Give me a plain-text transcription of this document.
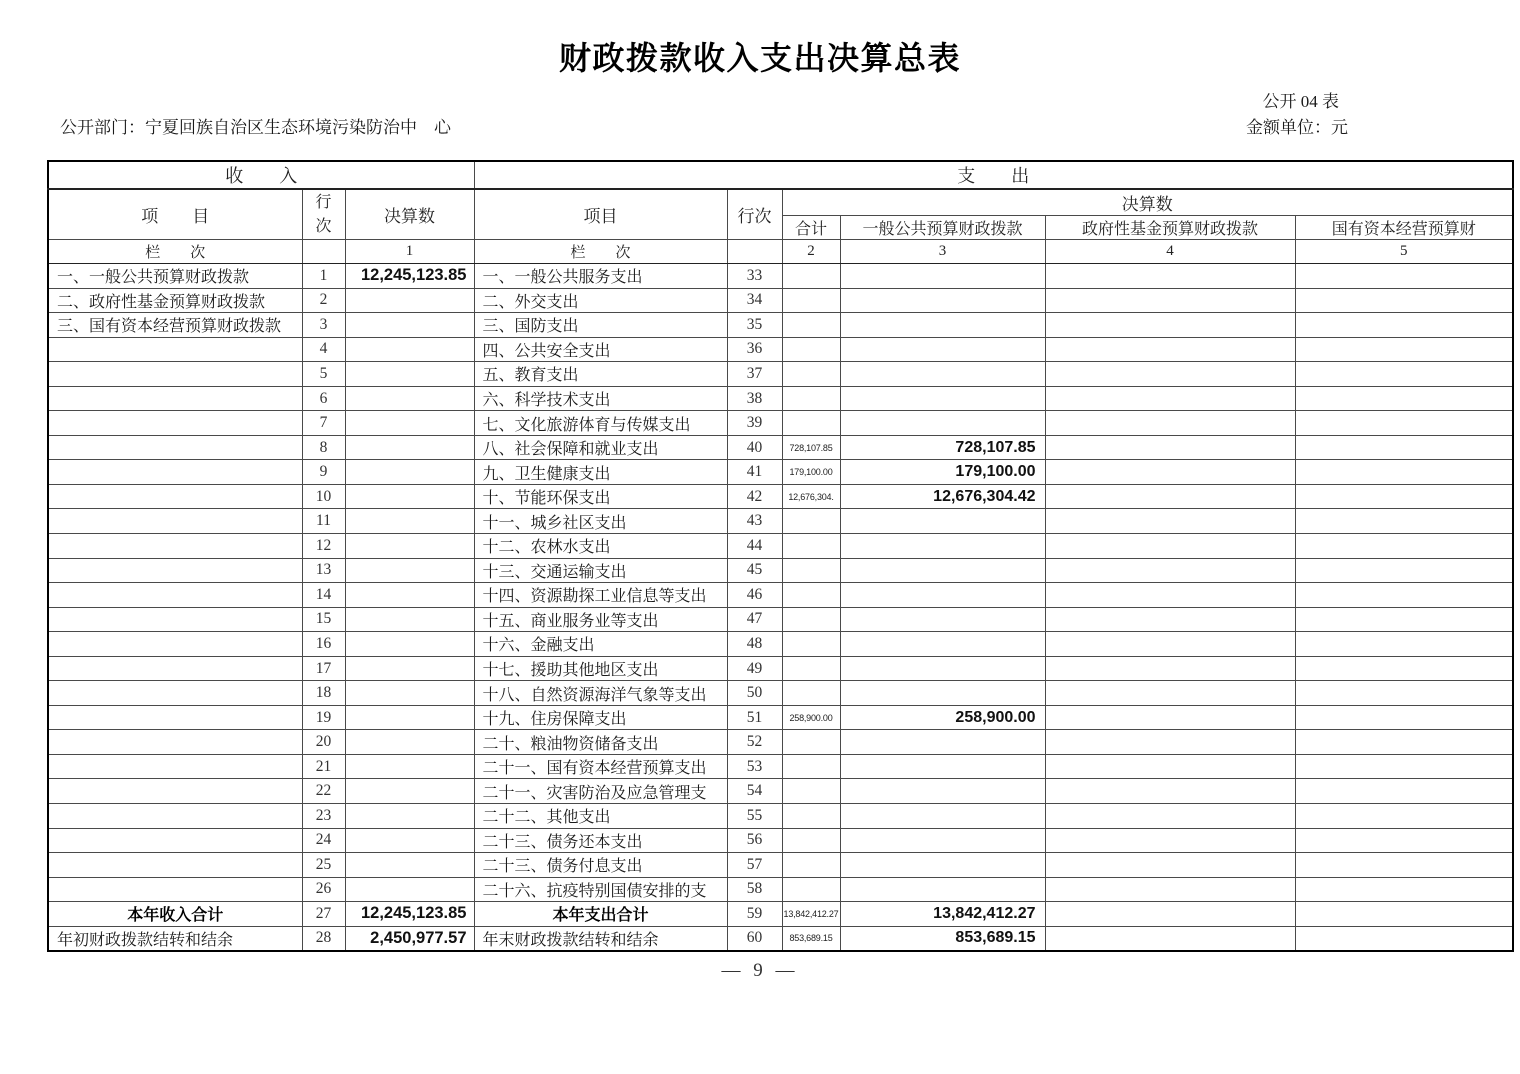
财政拨款收入支出决算总表
公开 04 表
公开部门：宁夏回族自治区生态环境污染防治中　心	金额单位：元
收　　入			支　　出					
项　　目	行次	决算数	项目	行次	决算数			
					合计	一般公共预算财政拨款	政府性基金预算财政拨款	国有资本经营预算财
栏　　次		1	栏　　次		2	3	4	5
一、一般公共预算财政拨款	1	12,245,123.85	一、一般公共服务支出	33				
二、政府性基金预算财政拨款	2		二、外交支出	34				
三、国有资本经营预算财政拨款	3		三、国防支出	35				
	4		四、公共安全支出	36				
	5		五、教育支出	37				
	6		六、科学技术支出	38				
	7		七、文化旅游体育与传媒支出	39				
	8		八、社会保障和就业支出	40	728,107.85	728,107.85		
	9		九、卫生健康支出	41	179,100.00	179,100.00		
	10		十、节能环保支出	42	12,676,304.	12,676,304.42		
	11		十一、城乡社区支出	43				
	12		十二、农林水支出	44				
	13		十三、交通运输支出	45				
	14		十四、资源勘探工业信息等支出	46				
	15		十五、商业服务业等支出	47				
	16		十六、金融支出	48				
	17		十七、援助其他地区支出	49				
	18		十八、自然资源海洋气象等支出	50				
	19		十九、住房保障支出	51	258,900.00	258,900.00		
	20		二十、粮油物资储备支出	52				
	21		二十一、国有资本经营预算支出	53				
	22		二十一、灾害防治及应急管理支	54				
	23		二十二、其他支出	55				
	24		二十三、债务还本支出	56				
	25		二十三、债务付息支出	57				
	26		二十六、抗疫特别国债安排的支	58				
本年收入合计	27	12,245,123.85	本年支出合计	59	13,842,412.27	13,842,412.27		
年初财政拨款结转和结余	28	2,450,977.57	年末财政拨款结转和结余	60	853,689.15	853,689.15		
— 9 —
